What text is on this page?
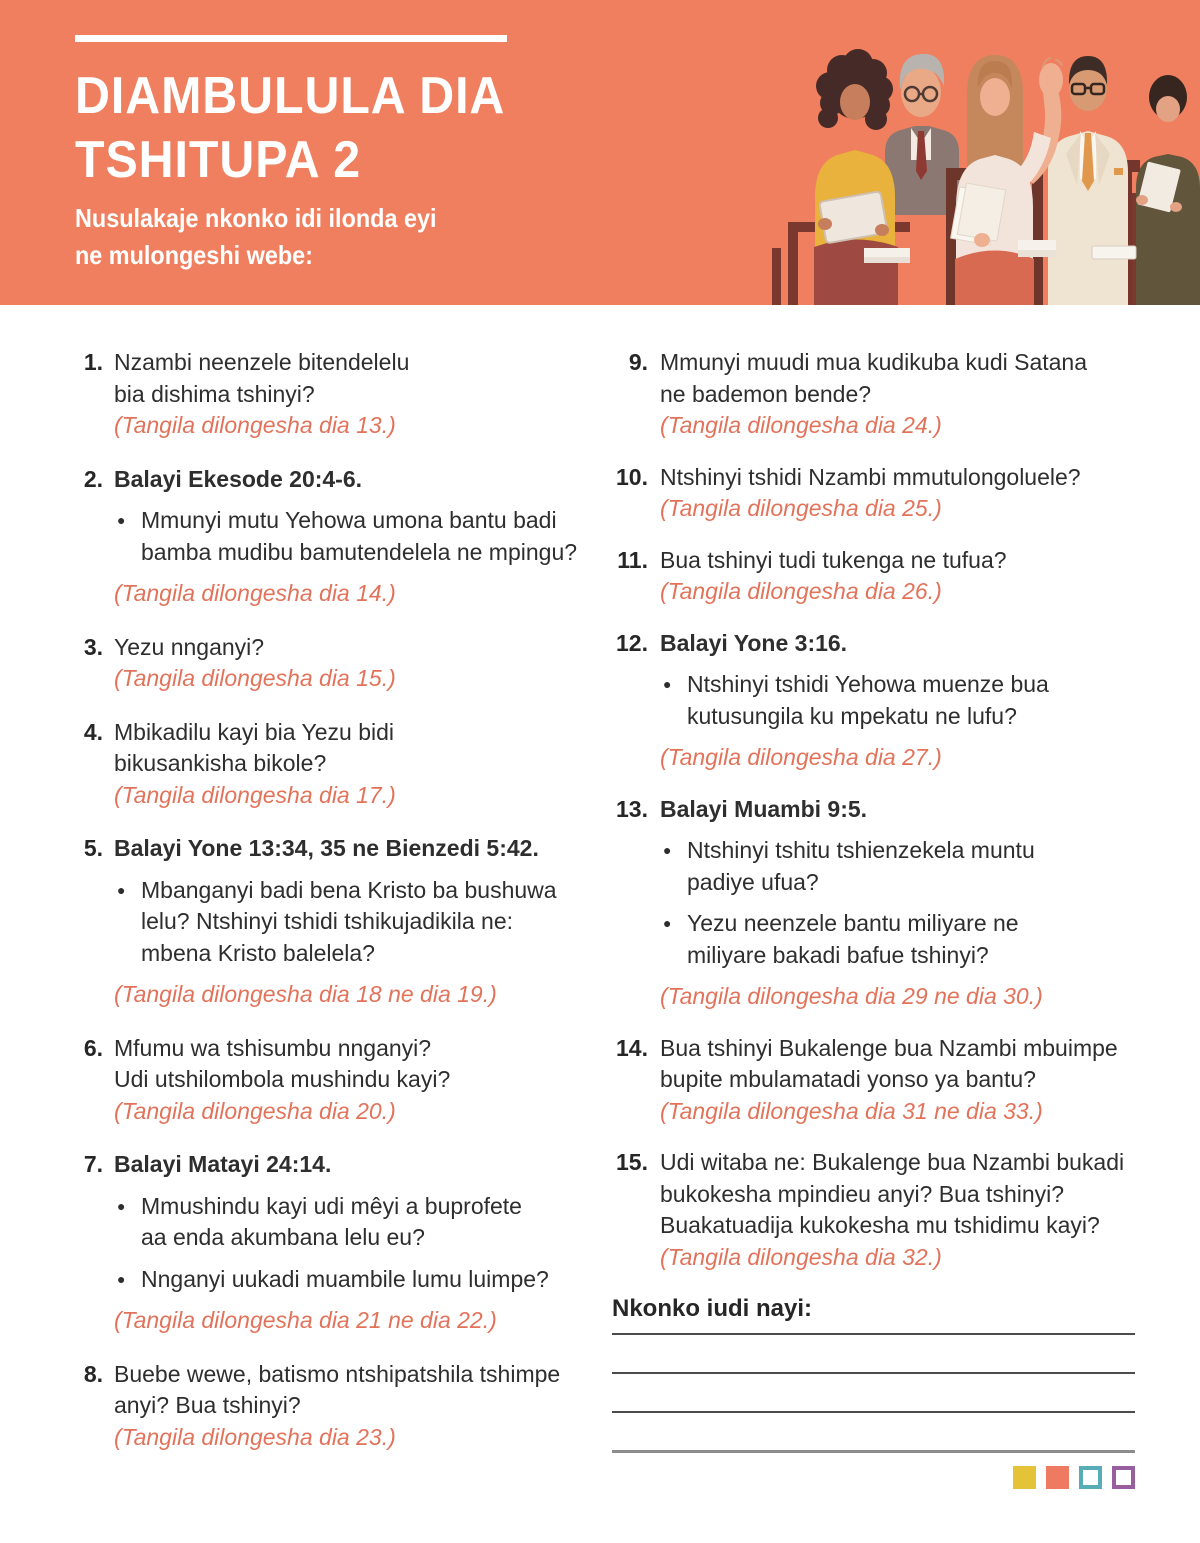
DIAMBULULA DIA
TSHITUPA 2
Nusulakaje nkonko idi ilonda eyi
ne mulongeshi webe:
1. Nzambi neenzele bitendelelu
bia dishima tshinyi?
(Tangila dilongesha dia 13.)
2. Balayi Ekesode 20:4-6.
● Mmunyi mutu Yehowa umona bantu badi
bamba mudibu bamutendelela ne mpingu?
(Tangila dilongesha dia 14.)
3. Yezu nnganyi?
(Tangila dilongesha dia 15.)
4. Mbikadilu kayi bia Yezu bidi
bikusankisha bikole?
(Tangila dilongesha dia 17.)
5. Balayi Yone 13:34, 35 ne Bienzedi 5:42.
● Mbanganyi badi bena Kristo ba bushuwa
lelu? Ntshinyi tshidi tshikujadikila ne:
mbena Kristo balelela?
(Tangila dilongesha dia 18 ne dia 19.)
6. Mfumu wa tshisumbu nnganyi?
Udi utshilombola mushindu kayi?
(Tangila dilongesha dia 20.)
7. Balayi Matayi 24:14.
● Mmushindu kayi udi mêyi a buprofete
aa enda akumbana lelu eu?
● Nnganyi uukadi muambile lumu luimpe?
(Tangila dilongesha dia 21 ne dia 22.)
8. Buebe wewe, batismo ntshipatshila tshimpe
anyi? Bua tshinyi?
(Tangila dilongesha dia 23.)
9. Mmunyi muudi mua kudikuba kudi Satana
ne bademon bende?
(Tangila dilongesha dia 24.)
10. Ntshinyi tshidi Nzambi mmutulongoluele?
(Tangila dilongesha dia 25.)
11. Bua tshinyi tudi tukenga ne tufua?
(Tangila dilongesha dia 26.)
12. Balayi Yone 3:16.
● Ntshinyi tshidi Yehowa muenze bua
kutusungila ku mpekatu ne lufu?
(Tangila dilongesha dia 27.)
13. Balayi Muambi 9:5.
● Ntshinyi tshitu tshienzekela muntu
padiye ufua?
● Yezu neenzele bantu miliyare ne
miliyare bakadi bafue tshinyi?
(Tangila dilongesha dia 29 ne dia 30.)
14. Bua tshinyi Bukalenge bua Nzambi mbuimpe
bupite mbulamatadi yonso ya bantu?
(Tangila dilongesha dia 31 ne dia 33.)
15. Udi witaba ne: Bukalenge bua Nzambi bukadi
bukokesha mpindieu anyi? Bua tshinyi?
Buakatuadija kukokesha mu tshidimu kayi?
(Tangila dilongesha dia 32.)
Nkonko iudi nayi:
